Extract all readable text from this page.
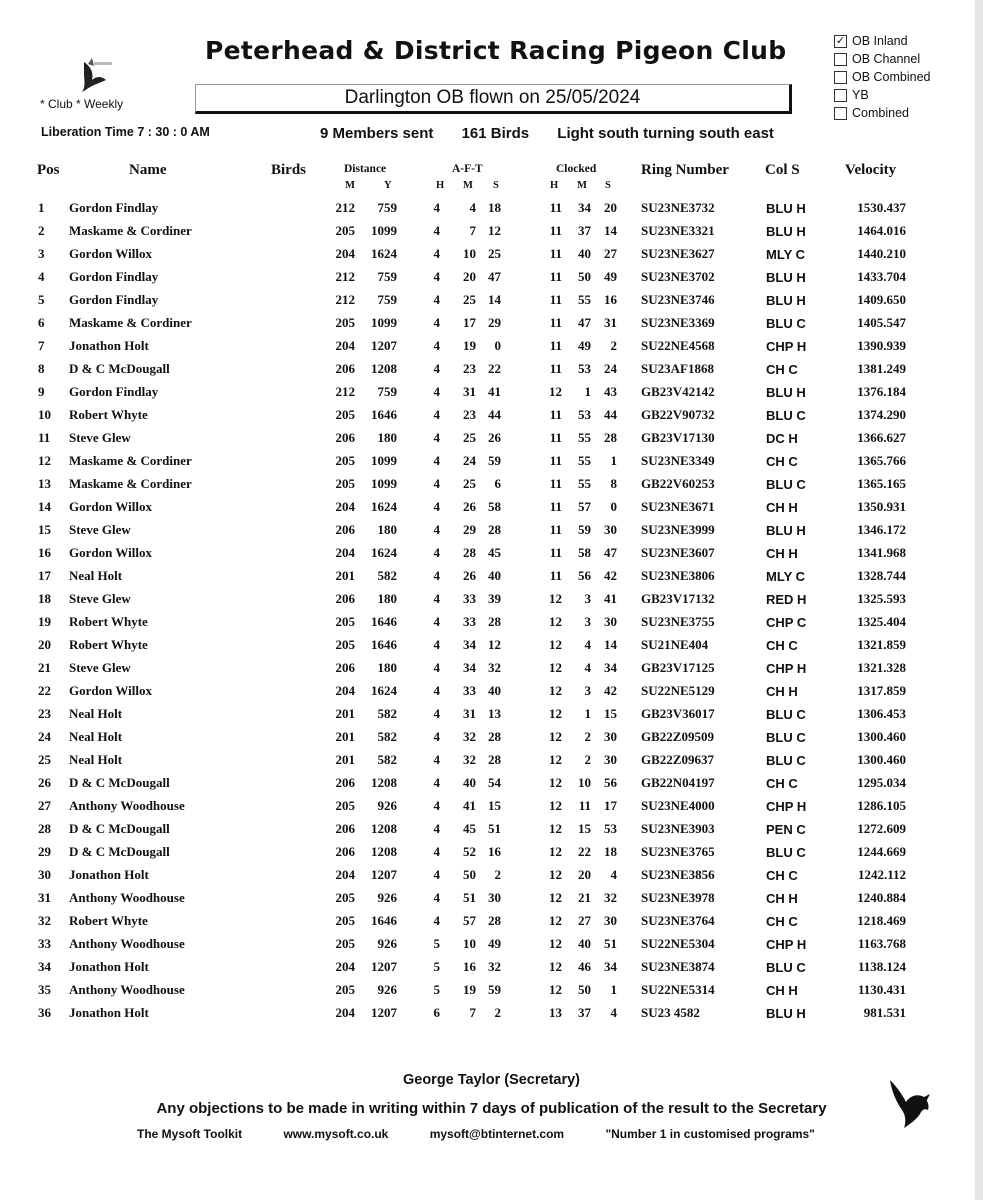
Peterhead & District Racing Pigeon Club
* Club * Weekly	Darlington OB flown on 25/05/2024
✓ OB Inland
OB Channel
OB Combined
YB
Combined
Liberation Time 7 : 30 : 0 AM	9 Members sent 161 Birds Light south turning south east
Pos	Name	Birds	Distance
M	Y
A-F-T
H M S
Clocked
H M S
Ring Number Col S	Velocity
1 Gordon Findlay	212	759	4	4 18	11	34	20 SU23NE3732	BLU H	1530.437
2 Maskame & Cordiner	205	1099	4	7 12	11	37	14 SU23NE3321	BLU H	1464.016
3 Gordon Willox	204	1624	4 10 25	11	40	27 SU23NE3627	MLY C	1440.210
4 Gordon Findlay	212	759	4 20 47	11	50	49 SU23NE3702	BLU H	1433.704
5 Gordon Findlay	212	759	4 25 14	11	55	16 SU23NE3746	BLU H	1409.650
6 Maskame & Cordiner	205	1099	4 17 29	11	47	31 SU23NE3369	BLU C	1405.547
7 Jonathon Holt	204	1207	4 19	0	11	49	2 SU22NE4568	CHP H	1390.939
8 D & C McDougall	206	1208	4 23 22	11	53	24 SU23AF1868	CH C	1381.249
9 Gordon Findlay	212	759	4 31 41	12	1	43 GB23V42142	BLU H	1376.184
10 Robert Whyte	205	1646	4 23 44	11	53	44 GB22V90732	BLU C	1374.290
11 Steve Glew	206	180	4 25 26	11	55	28 GB23V17130	DC H	1366.627
12 Maskame & Cordiner	205	1099	4 24 59	11	55	1 SU23NE3349	CH C	1365.766
13 Maskame & Cordiner	205	1099	4 25	6	11	55	8 GB22V60253	BLU C	1365.165
14 Gordon Willox	204	1624	4 26 58	11	57	0 SU23NE3671	CH H	1350.931
15 Steve Glew	206	180	4 29 28	11	59	30 SU23NE3999	BLU H	1346.172
16 Gordon Willox	204	1624	4 28 45	11	58	47 SU23NE3607	CH H	1341.968
17 Neal Holt	201	582	4 26 40	11	56	42 SU23NE3806	MLY C	1328.744
18 Steve Glew	206	180	4 33 39	12	3	41 GB23V17132	RED H	1325.593
19 Robert Whyte	205	1646	4 33 28	12	3	30 SU23NE3755	CHP C	1325.404
20 Robert Whyte	205	1646	4 34 12	12	4	14 SU21NE404	CH C	1321.859
21 Steve Glew	206	180	4 34 32	12	4	34 GB23V17125	CHP H	1321.328
22 Gordon Willox	204	1624	4 33 40	12	3	42 SU22NE5129	CH H	1317.859
23 Neal Holt	201	582	4 31 13	12	1	15 GB23V36017	BLU C	1306.453
24 Neal Holt	201	582	4 32 28	12	2	30 GB22Z09509	BLU C	1300.460
25 Neal Holt	201	582	4 32 28	12	2	30 GB22Z09637	BLU C	1300.460
26 D & C McDougall	206	1208	4 40 54	12	10	56 GB22N04197	CH C	1295.034
27 Anthony Woodhouse	205	926	4 41 15	12	11	17 SU23NE4000	CHP H	1286.105
28 D & C McDougall	206	1208	4 45 51	12	15	53 SU23NE3903	PEN C	1272.609
29 D & C McDougall	206	1208	4 52 16	12	22	18 SU23NE3765	BLU C	1244.669
30 Jonathon Holt	204	1207	4 50	2	12	20	4 SU23NE3856	CH C	1242.112
31 Anthony Woodhouse	205	926	4 51 30	12	21	32 SU23NE3978	CH H	1240.884
32 Robert Whyte	205	1646	4 57 28	12	27	30 SU23NE3764	CH C	1218.469
33 Anthony Woodhouse	205	926	5 10 49	12	40	51 SU22NE5304	CHP H	1163.768
34 Jonathon Holt	204	1207	5 16 32	12	46	34 SU23NE3874	BLU C	1138.124
35 Anthony Woodhouse	205	926	5 19 59	12	50	1 SU22NE5314	CH H	1130.431
36 Jonathon Holt	204	1207	6	7	2	13	37	4 SU23 4582	BLU H	981.531
George Taylor (Secretary)
Any objections to be made in writing within 7 days of publication of the result to the Secretary
The Mysoft Toolkit	www.mysoft.co.uk	mysoft@btinternet.com	"Number 1 in customised programs"
